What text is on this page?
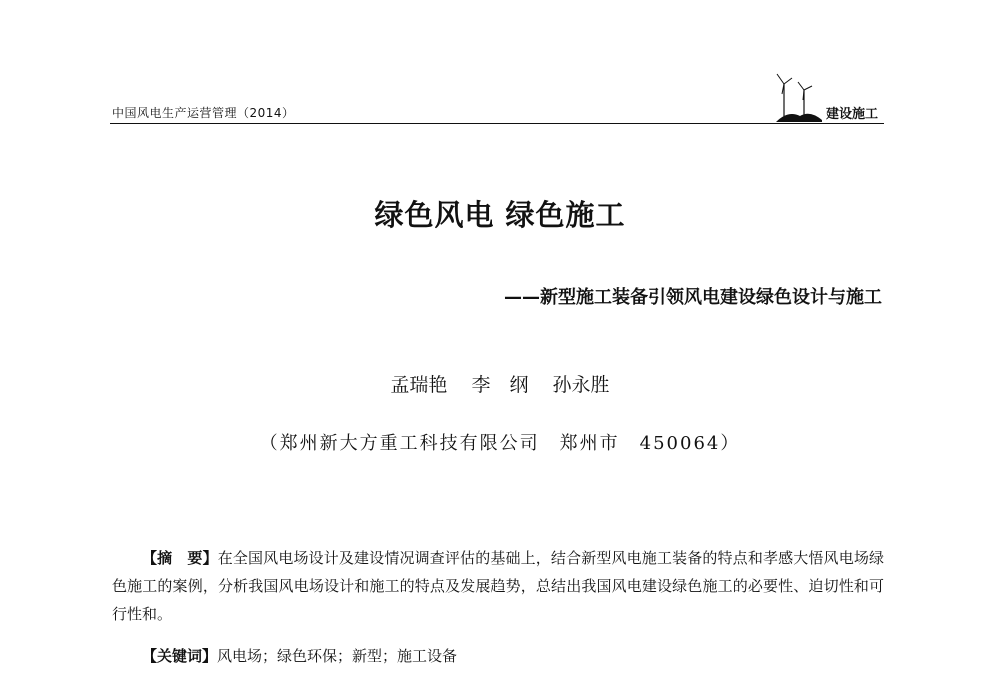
中国风电生产运营管理（2014）	建设施工
绿色风电 绿色施工
——新型施工装备引领风电建设绿色设计与施工
孟瑞艳 李　纲 孙永胜
（郑州新大方重工科技有限公司　郑州市　450064）

【摘　要】在全国风电场设计及建设情况调查评估的基础上，结合新型风电施工装备的特点和孝感大悟风电场绿色施工的案例，分析我国风电场设计和施工的特点及发展趋势，总结出我国风电建设绿色施工的必要性、迫切性和可行性和。

【关键词】风电场；绿色环保；新型；施工设备
